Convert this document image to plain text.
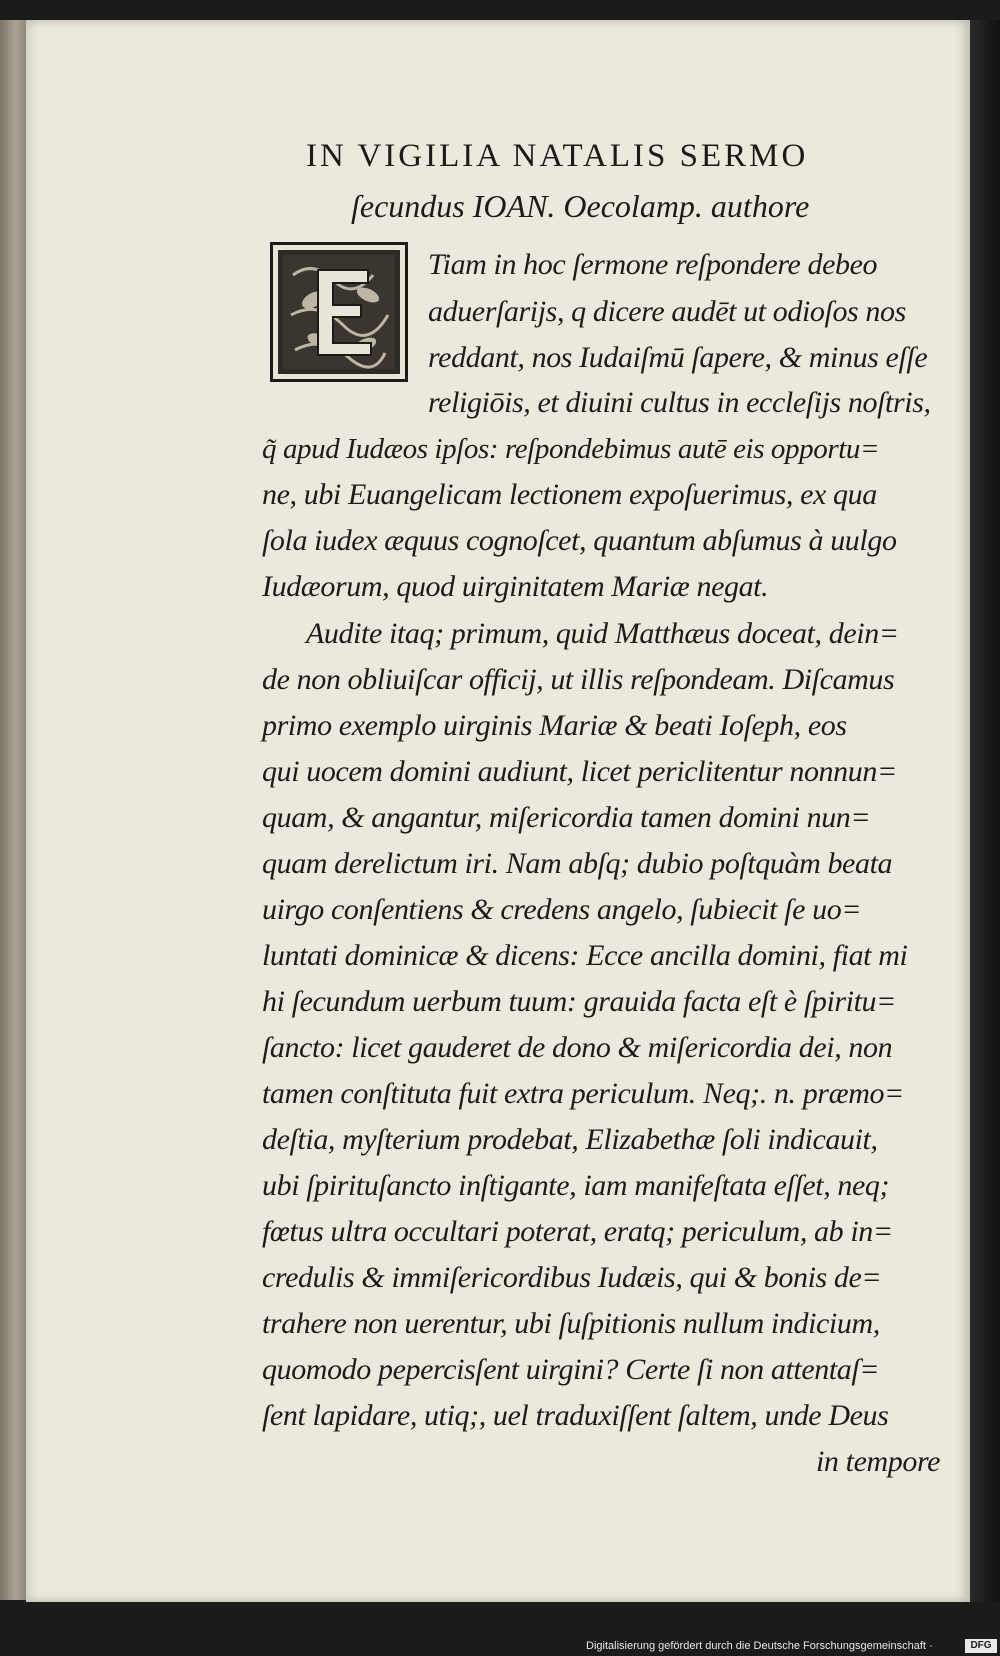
IN VIGILIA NATALIS SERMO
ſecundus IOAN. Oecolamp. authore
Tiam in hoc ſermone reſpondere debeo
aduerſarijs, q dicere audēt ut odioſos nos
reddant, nos Iudaiſmū ſapere, & minus eſſe
religiōis, et diuini cultus in eccleſijs noſtris,
q̃ apud Iudæos ipſos: reſpondebimus autē eis opportu=
ne, ubi Euangelicam lectionem expoſuerimus, ex qua
ſola iudex æquus cognoſcet, quantum abſumus à uulgo
Iudæorum, quod uirginitatem Mariæ negat.
Audite itaq; primum, quid Matthæus doceat, dein=
de non obliuiſcar officij, ut illis reſpondeam. Diſcamus
primo exemplo uirginis Mariæ & beati Ioſeph, eos
qui uocem domini audiunt, licet periclitentur nonnun=
quam, & angantur, miſericordia tamen domini nun=
quam derelictum iri. Nam abſq; dubio poſtquàm beata
uirgo conſentiens & credens angelo, ſubiecit ſe uo=
luntati dominicæ & dicens: Ecce ancilla domini, fiat mi
hi ſecundum uerbum tuum: grauida facta eſt è ſpiritu=
ſancto: licet gauderet de dono & miſericordia dei, non
tamen conſtituta fuit extra periculum. Neq;. n. præmo=
deſtia, myſterium prodebat, Elizabethæ ſoli indicauit,
ubi ſpirituſancto inſtigante, iam manifeſtata eſſet, neq;
fœtus ultra occultari poterat, eratq; periculum, ab in=
credulis & immiſericordibus Iudæis, qui & bonis de=
trahere non uerentur, ubi ſuſpitionis nullum indicium,
quomodo pepercisſent uirgini? Certe ſi non attentaſ=
ſent lapidare, utiq;, uel traduxiſſent ſaltem, unde Deus
in tempore
Digitalisierung gefördert durch die Deutsche Forschungsgemeinschaft ·	DFG
